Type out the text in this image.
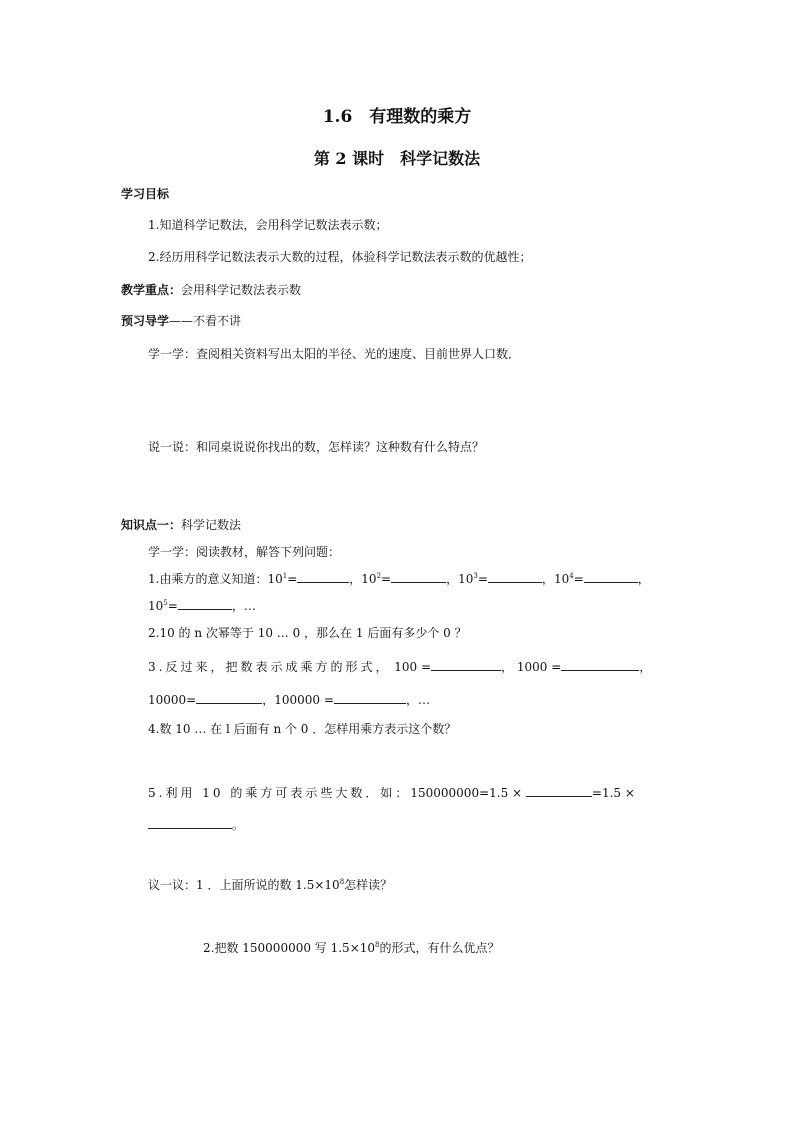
1.6　有理数的乘方
第 2 课时　科学记数法
学习目标
1.知道科学记数法，会用科学记数法表示数；
2.经历用科学记数法表示大数的过程，体验科学记数法表示数的优越性；
教学重点：会用科学记数法表示数
预习导学——不看不讲
学一学：查阅相关资料写出太阳的半径、光的速度、目前世界人口数．
说一说：和同桌说说你找出的数，怎样读？这种数有什么特点？
知识点一：科学记数法
学一学：阅读教材，解答下列问题：
1.由乘方的意义知道：$10^1=$	，$10^2=$	，$10^3=$	，$10^4=$	，
$10^5=$	，…
2.10 的 n 次幂等于 10 … 0 ，那么在 1 后面有多少个 0 ？
3.反过来，把数表示成乘方的形式， 100 =	， 1000 =	，
10000=	，100000 =	，…
4.数 10 … 在 l 后面有 n 个 0 ．怎样用乘方表示这个数？
5.利用 10 的乘方可表示些大数．如：150000000=1.5 ×	=1.5 ×
。
议一议：1 ．上面所说的数 $1.5\times 10^8$怎样读？
2.把数 150000000 写 $1.5\times 10^8$的形式，有什么优点？
